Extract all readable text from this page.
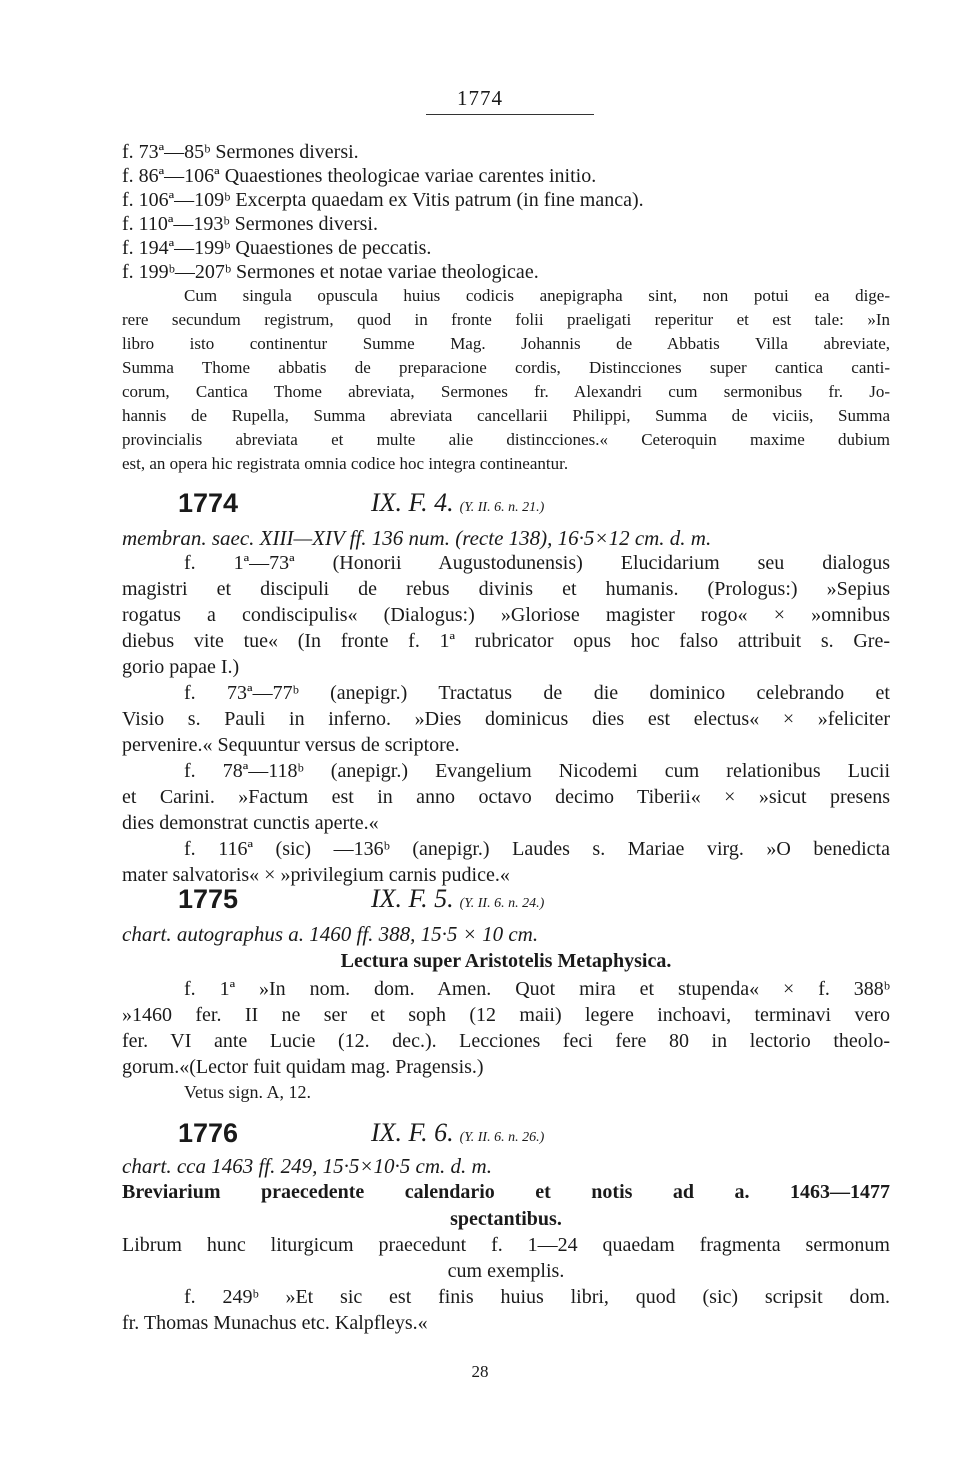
1774
f. 73ª—85ᵇ Sermones diversi.
f. 86ª—106ª Quaestiones theologicae variae carentes initio.
f. 106ª—109ᵇ Excerpta quaedam ex Vitis patrum (in fine manca).
f. 110ª—193ᵇ Sermones diversi.
f. 194ª—199ᵇ Quaestiones de peccatis.
f. 199ᵇ—207ᵇ Sermones et notae variae theologicae.
Cum singula opuscula huius codicis anepigrapha sint, non potui ea dige-
rere secundum registrum, quod in fronte folii praeligati reperitur et est tale: »In
libro isto continentur Summe Mag. Johannis de Abbatis Villa abreviate,
Summa Thome abbatis de preparacione cordis, Distincciones super cantica canti-
corum, Cantica Thome abreviata, Sermones fr. Alexandri cum sermonibus fr. Jo-
hannis de Rupella, Summa abreviata cancellarii Philippi, Summa de viciis, Summa
provincialis abreviata et multe alie distincciones.« Ceteroquin maxime dubium
est, an opera hic registrata omnia codice hoc integra contineantur.
1774	IX. F. 4. (Y. II. 6. n. 21.)
membran. saec. XIII—XIV ff. 136 num. (recte 138), 16·5×12 cm. d. m.
f. 1ª—73ª (Honorii Augustodunensis) Elucidarium seu dialogus
magistri et discipuli de rebus divinis et humanis. (Prologus:) »Sepius
rogatus a condiscipulis« (Dialogus:) »Gloriose magister rogo« × »omnibus
diebus vite tue« (In fronte f. 1ª rubricator opus hoc falso attribuit s. Gre-
gorio papae I.)
f. 73ª—77ᵇ (anepigr.) Tractatus de die dominico celebrando et
Visio s. Pauli in inferno. »Dies dominicus dies est electus« × »feliciter
pervenire.« Sequuntur versus de scriptore.
f. 78ª—118ᵇ (anepigr.) Evangelium Nicodemi cum relationibus Lucii
et Carini. »Factum est in anno octavo decimo Tiberii« × »sicut presens
dies demonstrat cunctis aperte.«
f. 116ª (sic) —136ᵇ (anepigr.) Laudes s. Mariae virg. »O benedicta
mater salvatoris« × »privilegium carnis pudice.«
1775	IX. F. 5. (Y. II. 6. n. 24.)
chart. autographus a. 1460 ff. 388, 15·5 × 10 cm.
Lectura super Aristotelis Metaphysica.
f. 1ª »In nom. dom. Amen. Quot mira et stupenda« × f. 388ᵇ
»1460 fer. II ne ser et soph (12 maii) legere inchoavi, terminavi vero
fer. VI ante Lucie (12. dec.). Lecciones feci fere 80 in lectorio theolo-
gorum.«(Lector fuit quidam mag. Pragensis.)
Vetus sign. A, 12.
1776	IX. F. 6. (Y. II. 6. n. 26.)
chart. cca 1463 ff. 249, 15·5×10·5 cm. d. m.
Breviarium praecedente calendario et notis ad a. 1463—1477
spectantibus.
Librum hunc liturgicum praecedunt f. 1—24 quaedam fragmenta sermonum
cum exemplis.
f. 249ᵇ »Et sic est finis huius libri, quod (sic) scripsit dom.
fr. Thomas Munachus etc. Kalpfleys.«
28
